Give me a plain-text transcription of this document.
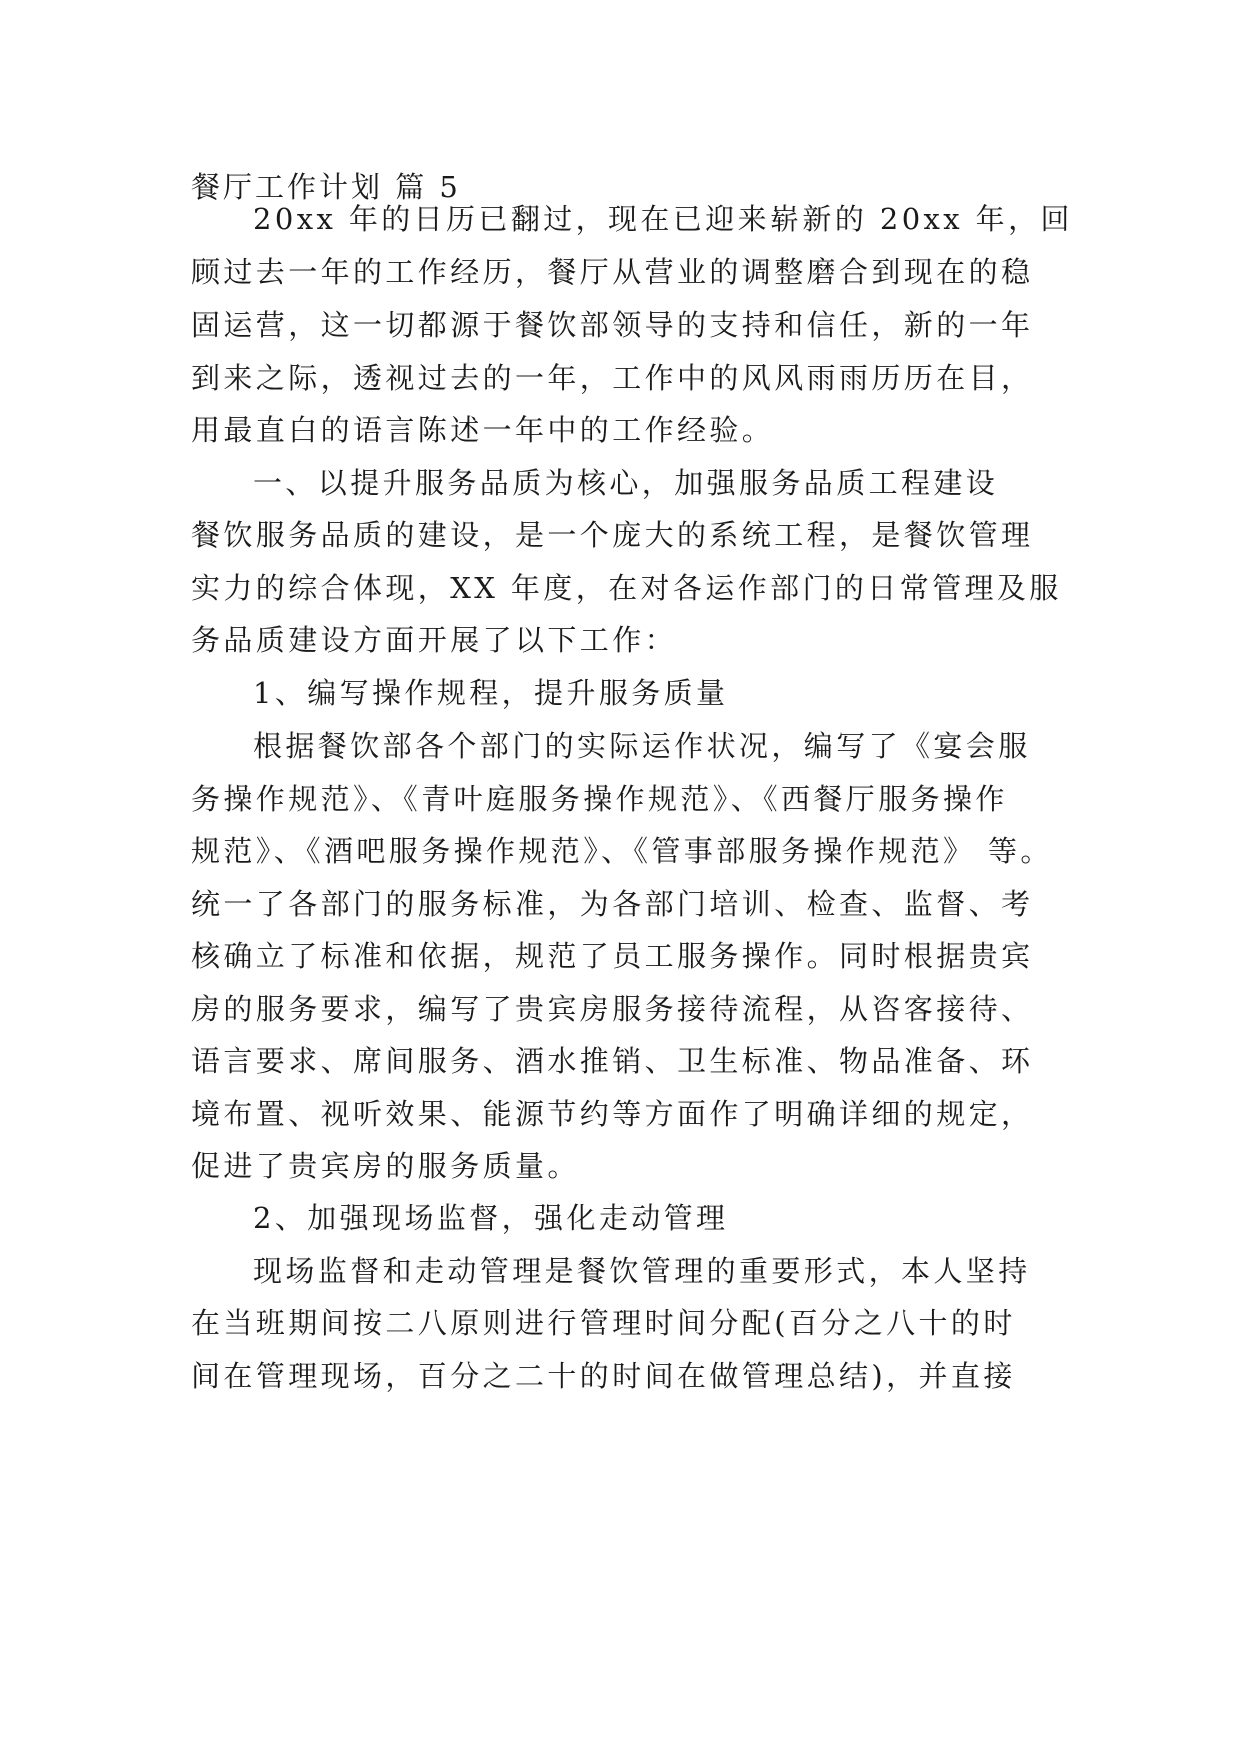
餐厅工作计划 篇 5
20xx 年的日历已翻过，现在已迎来崭新的 20xx 年，回
顾过去一年的工作经历，餐厅从营业的调整磨合到现在的稳
固运营，这一切都源于餐饮部领导的支持和信任，新的一年
到来之际，透视过去的一年，工作中的风风雨雨历历在目，
用最直白的语言陈述一年中的工作经验。
一、以提升服务品质为核心，加强服务品质工程建设
餐饮服务品质的建设，是一个庞大的系统工程，是餐饮管理
实力的综合体现，XX 年度，在对各运作部门的日常管理及服
务品质建设方面开展了以下工作：
1、编写操作规程，提升服务质量
根据餐饮部各个部门的实际运作状况，编写了《宴会服
务操作规范》、《青叶庭服务操作规范》、《西餐厅服务操作
规范》、《酒吧服务操作规范》、《管事部服务操作规范》 等。
统一了各部门的服务标准，为各部门培训、检查、监督、考
核确立了标准和依据，规范了员工服务操作。同时根据贵宾
房的服务要求，编写了贵宾房服务接待流程，从咨客接待、
语言要求、席间服务、酒水推销、卫生标准、物品准备、环
境布置、视听效果、能源节约等方面作了明确详细的规定，
促进了贵宾房的服务质量。
2、加强现场监督，强化走动管理
现场监督和走动管理是餐饮管理的重要形式，本人坚持
在当班期间按二八原则进行管理时间分配(百分之八十的时
间在管理现场，百分之二十的时间在做管理总结)，并直接
